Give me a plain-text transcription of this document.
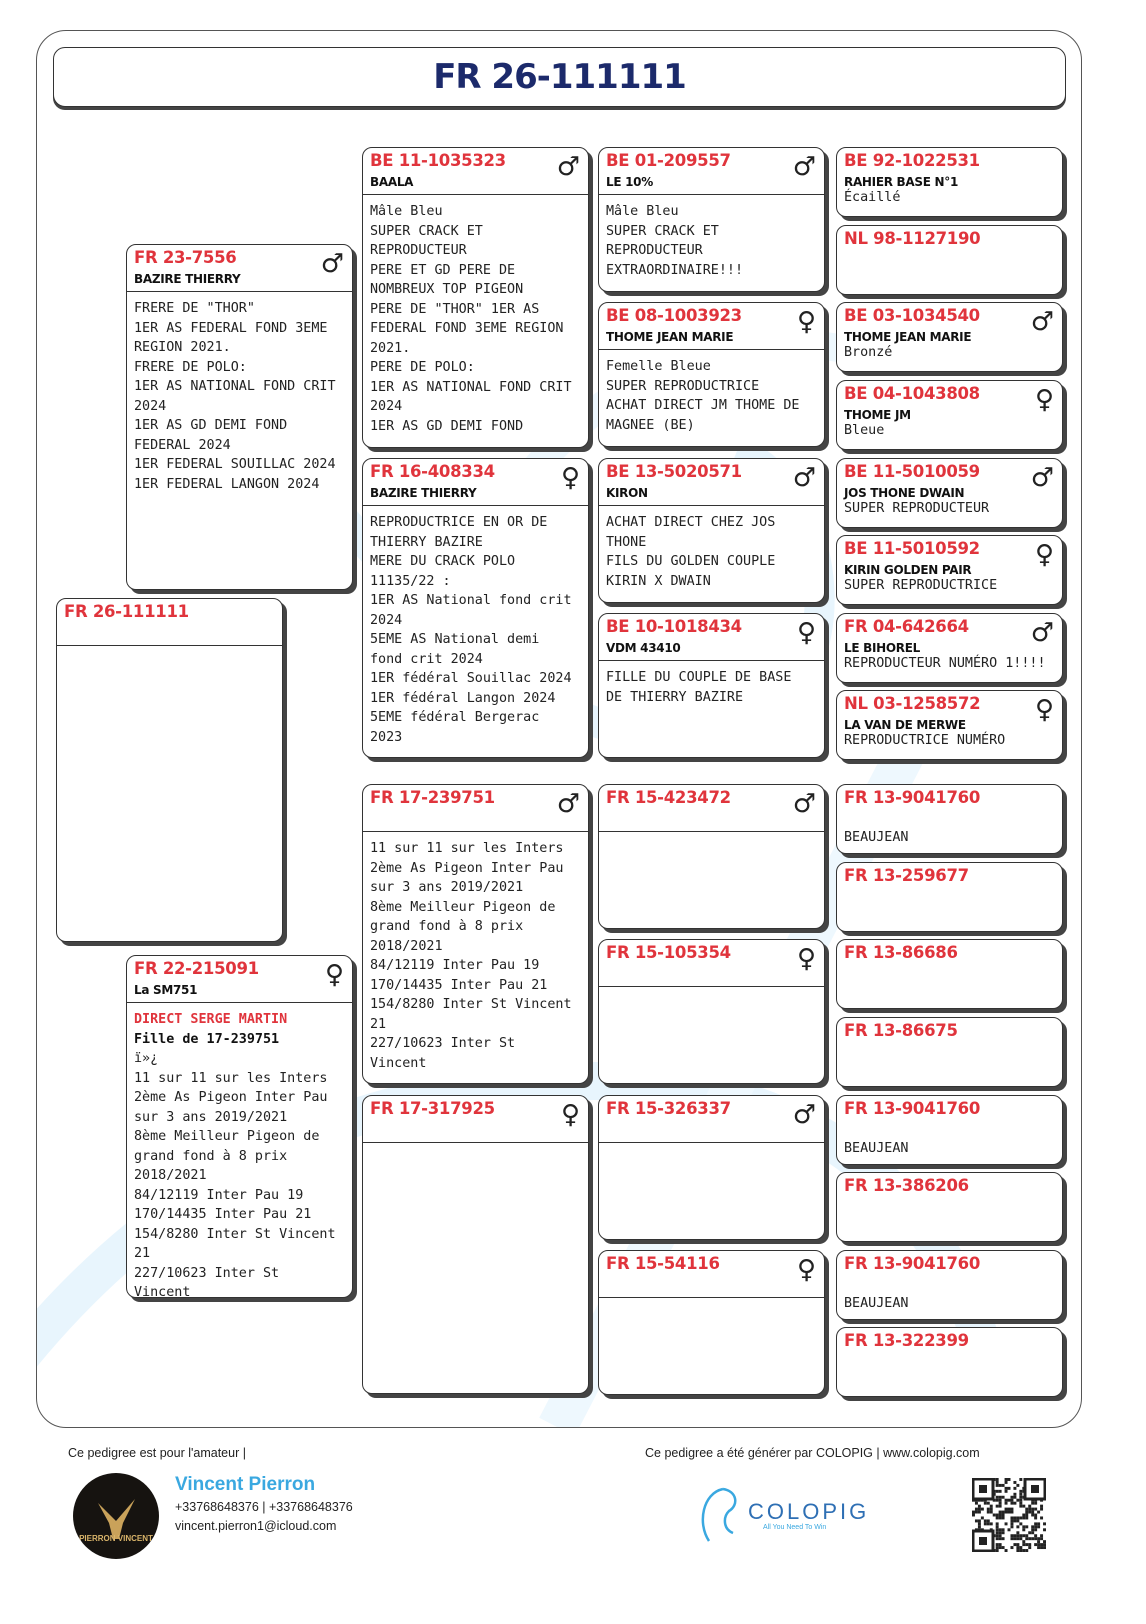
FR 26-111111
FR 26-111111
FR 23-7556
BAZIRE THIERRY	♂
FRERE DE "THOR"
1ER AS FEDERAL FOND 3EME
REGION 2021.
FRERE DE POLO:
1ER AS NATIONAL FOND CRIT
2024
1ER AS GD DEMI FOND
FEDERAL 2024
1ER FEDERAL SOUILLAC 2024
1ER FEDERAL LANGON 2024
FR 22-215091
La SM751	♀
DIRECT SERGE MARTIN
Fille de 17-239751
ï»¿
11 sur 11 sur les Inters
2ème As Pigeon Inter Pau
sur 3 ans 2019/2021
8ème Meilleur Pigeon de
grand fond à 8 prix
2018/2021
84/12119 Inter Pau 19
170/14435 Inter Pau 21
154/8280 Inter St Vincent
21
227/10623 Inter St
Vincent
BE 11-1035323
BAALA	♂
Mâle Bleu
SUPER CRACK ET
REPRODUCTEUR
PERE ET GD PERE DE
NOMBREUX TOP PIGEON
PERE DE "THOR" 1ER AS
FEDERAL FOND 3EME REGION
2021.
PERE DE POLO:
1ER AS NATIONAL FOND CRIT
2024
1ER AS GD DEMI FOND
FR 16-408334
BAZIRE THIERRY	♀
REPRODUCTRICE EN OR DE
THIERRY BAZIRE
MERE DU CRACK POLO
11135/22 :
1ER AS National fond crit
2024
5EME AS National demi
fond crit 2024
1ER fédéral Souillac 2024
1ER fédéral Langon 2024
5EME fédéral Bergerac
2023
FR 17-239751 ♂
11 sur 11 sur les Inters
2ème As Pigeon Inter Pau
sur 3 ans 2019/2021
8ème Meilleur Pigeon de
grand fond à 8 prix
2018/2021
84/12119 Inter Pau 19
170/14435 Inter Pau 21
154/8280 Inter St Vincent
21
227/10623 Inter St
Vincent
FR 17-317925	♀
BE 01-209557
LE 10%	♂
Mâle Bleu
SUPER CRACK ET
REPRODUCTEUR
EXTRAORDINAIRE!!!
BE 08-1003923
THOME JEAN MARIE ♀
Femelle Bleue
SUPER REPRODUCTRICE
ACHAT DIRECT JM THOME DE
MAGNEE (BE)
BE 13-5020571
KIRON	♂
ACHAT DIRECT CHEZ JOS
THONE
FILS DU GOLDEN COUPLE
KIRIN X DWAIN
BE 10-1018434
VDM 43410	♀
FILLE DU COUPLE DE BASE
DE THIERRY BAZIRE
FR 15-423472 ♂
FR 15-105354	♀
FR 15-326337 ♂
FR 15-54116	♀
BE 92-1022531
RAHIER BASE N°1
Écaillé
NL 98-1127190
BE 03-1034540
THOME JEAN MARIE ♂
Bronzé
BE 04-1043808
THOME JM	♀
Bleue
BE 11-5010059
JOS THONE DWAIN	♂
SUPER REPRODUCTEUR
BE 11-5010592
KIRIN GOLDEN PAIR ♀
SUPER REPRODUCTRICE
FR 04-642664
LE BIHOREL	♂
REPRODUCTEUR NUMÉRO 1!!!!
NL 03-1258572
LA VAN DE MERWE	♀
REPRODUCTRICE NUMÉRO
FR 13-9041760
BEAUJEAN
FR 13-259677
FR 13-86686
FR 13-86675
FR 13-9041760
BEAUJEAN
FR 13-386206
FR 13-9041760
BEAUJEAN
FR 13-322399
Ce pedigree est pour l'amateur |	Ce pedigree a été générer par COLOPIG | www.colopig.com
PIERRON VINCENT
Vincent Pierron
+33768648376 | +33768648376
vincent.pierron1@icloud.com
COLOPIG
All You Need To Win
